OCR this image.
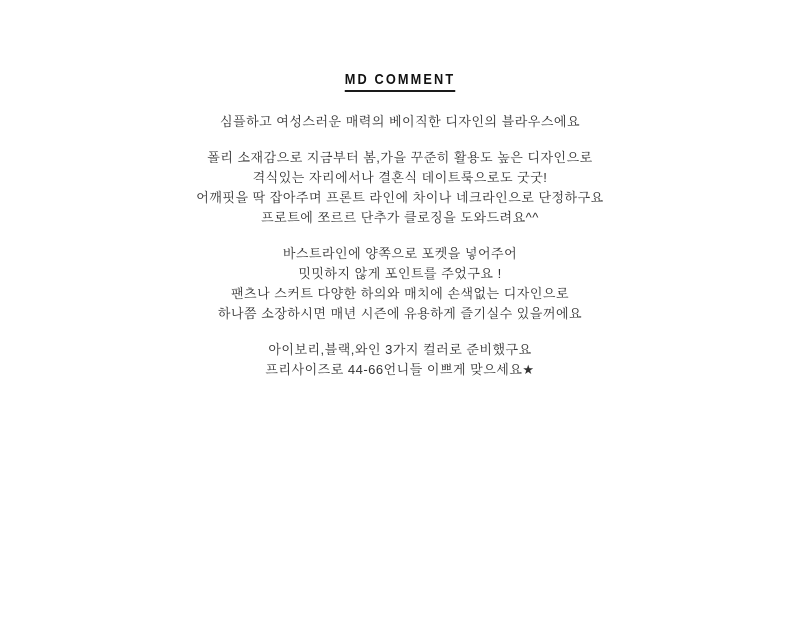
MD COMMENT
심플하고 여성스러운 매력의 베이직한 디자인의 블라우스에요
폴리 소재감으로 지금부터 봄,가을 꾸준히 활용도 높은 디자인으로
격식있는 자리에서나 결혼식 데이트룩으로도 굿굿!
어깨핏을 딱 잡아주며 프론트 라인에 차이나 네크라인으로 단정하구요
프로트에 쪼르르 단추가 클로징을 도와드려요^^
바스트라인에 양쪽으로 포켓을 넣어주어
밋밋하지 않게 포인트를 주었구요 !
팬츠나 스커트 다양한 하의와 매치에 손색없는 디자인으로
하나쯤 소장하시면 매년 시즌에 유용하게 즐기실수 있을꺼에요
아이보리,블랙,와인 3가지 컬러로 준비했구요
프리사이즈로 44-66언니들 이쁘게 맞으세요★
